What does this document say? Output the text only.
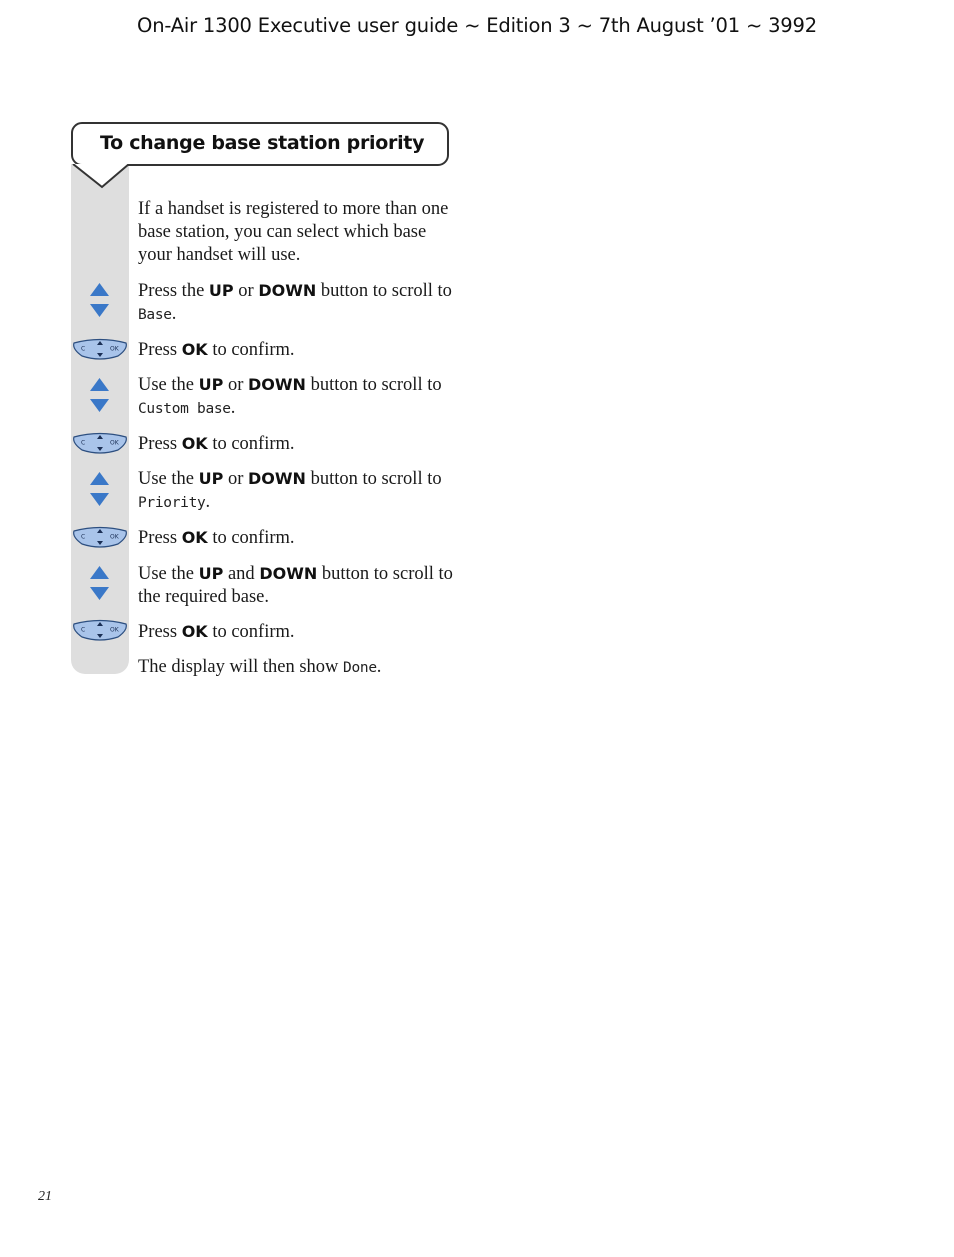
On-Air 1300 Executive user guide ~ Edition 3 ~ 7th August ’01 ~ 3992
To change base station priority
If a handset is registered to more than one base station, you can select which base your handset will use.
Press the UP or DOWN button to scroll to Base.
C	OK Press OK to confirm.
Use the UP or DOWN button to scroll to Custom base.
C	OK Press OK to confirm.
Use the UP or DOWN button to scroll to Priority.
C	OK Press OK to confirm.
Use the UP and DOWN button to scroll to the required base.
C	OK Press OK to confirm.
The display will then show Done.
21
